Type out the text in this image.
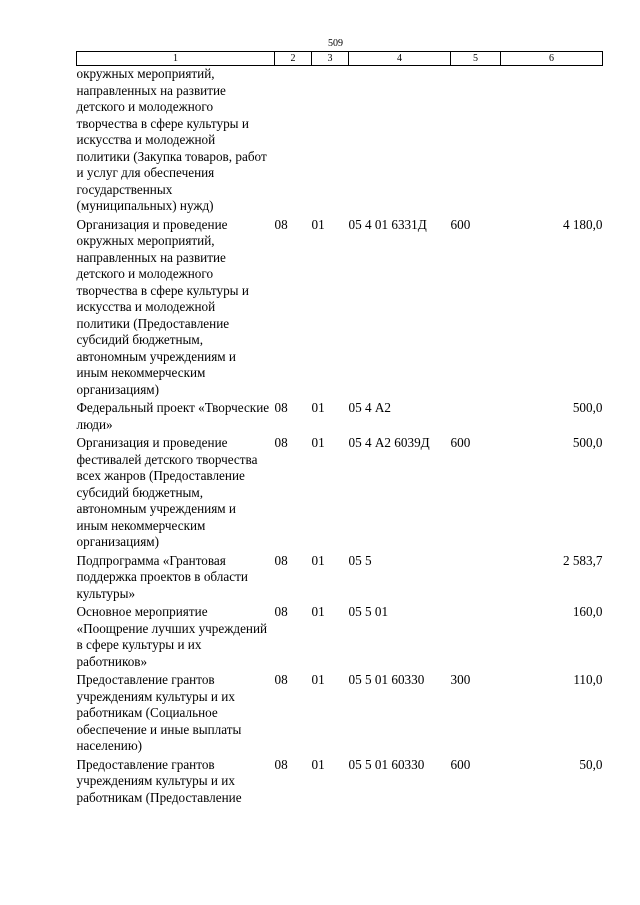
509
1	2	3	4	5	6
окружных мероприятий, направленных на развитие детского и молодежного творчества в сфере культуры и искусства и молодежной политики (Закупка товаров, работ и услуг для обеспечения государственных (муниципальных) нужд)					
Организация и проведение окружных мероприятий, направленных на развитие детского и молодежного творчества в сфере культуры и искусства и молодежной политики (Предоставление субсидий бюджетным, автономным учреждениям и иным некоммерческим организациям)	08	01	05 4 01 6331Д	600	4 180,0
Федеральный проект «Творческие люди»	08	01	05 4 А2		500,0
Организация и проведение фестивалей детского творчества всех жанров (Предоставление субсидий бюджетным, автономным учреждениям и иным некоммерческим организациям)	08	01	05 4 А2 6039Д	600	500,0
Подпрограмма «Грантовая поддержка проектов в области культуры»	08	01	05 5		2 583,7
Основное мероприятие «Поощрение лучших учреждений в сфере культуры и их работников»	08	01	05 5 01		160,0
Предоставление грантов учреждениям культуры и их работникам (Социальное обеспечение и иные выплаты населению)	08	01	05 5 01 60330	300	110,0
Предоставление грантов учреждениям культуры и их работникам (Предоставление	08	01	05 5 01 60330	600	50,0
